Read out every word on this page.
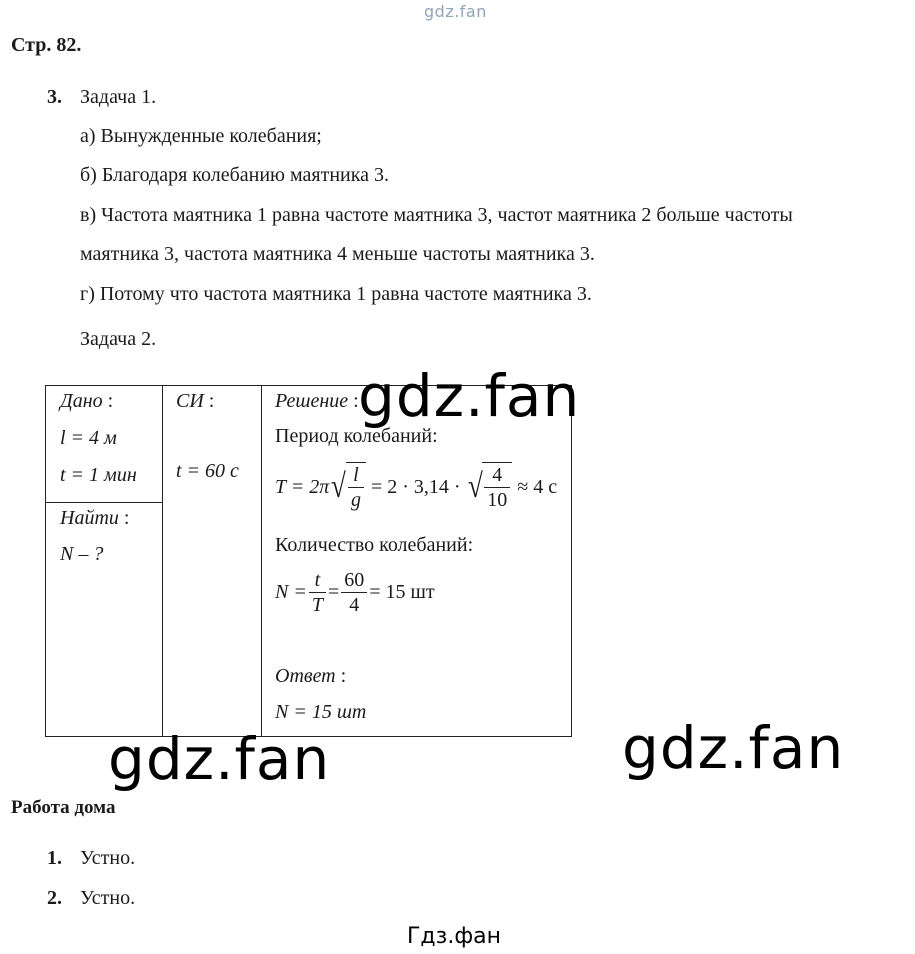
gdz.fan
Стр. 82.
3. Задача 1.
а) Вынужденные колебания;
б) Благодаря колебанию маятника 3.
в) Частота маятника 1 равна частоте маятника 3, частот маятника 2 больше частоты
маятника 3, частота маятника 4 меньше частоты маятника 3.
г) Потому что частота маятника 1 равна частоте маятника 3.
Задача 2.
Дано :
l = 4 м
t = 1 мин
Найти :
N – ?
СИ :
t = 60 с
Решение :
Период колебаний:
T = 2π √ $\frac{l}{g} = 2 \cdot 3,14$ · √ $\frac{4}{10} \approx 4$ с
Количество колебаний:
$N = \frac{t}{T} = \frac{60}{4} = 15$ шт
Ответ :
N = 15 шт
gdz.fan
gdz.fan	gdz.fan
Работа дома
1. Устно.
2. Устно.
Гдз.фан
